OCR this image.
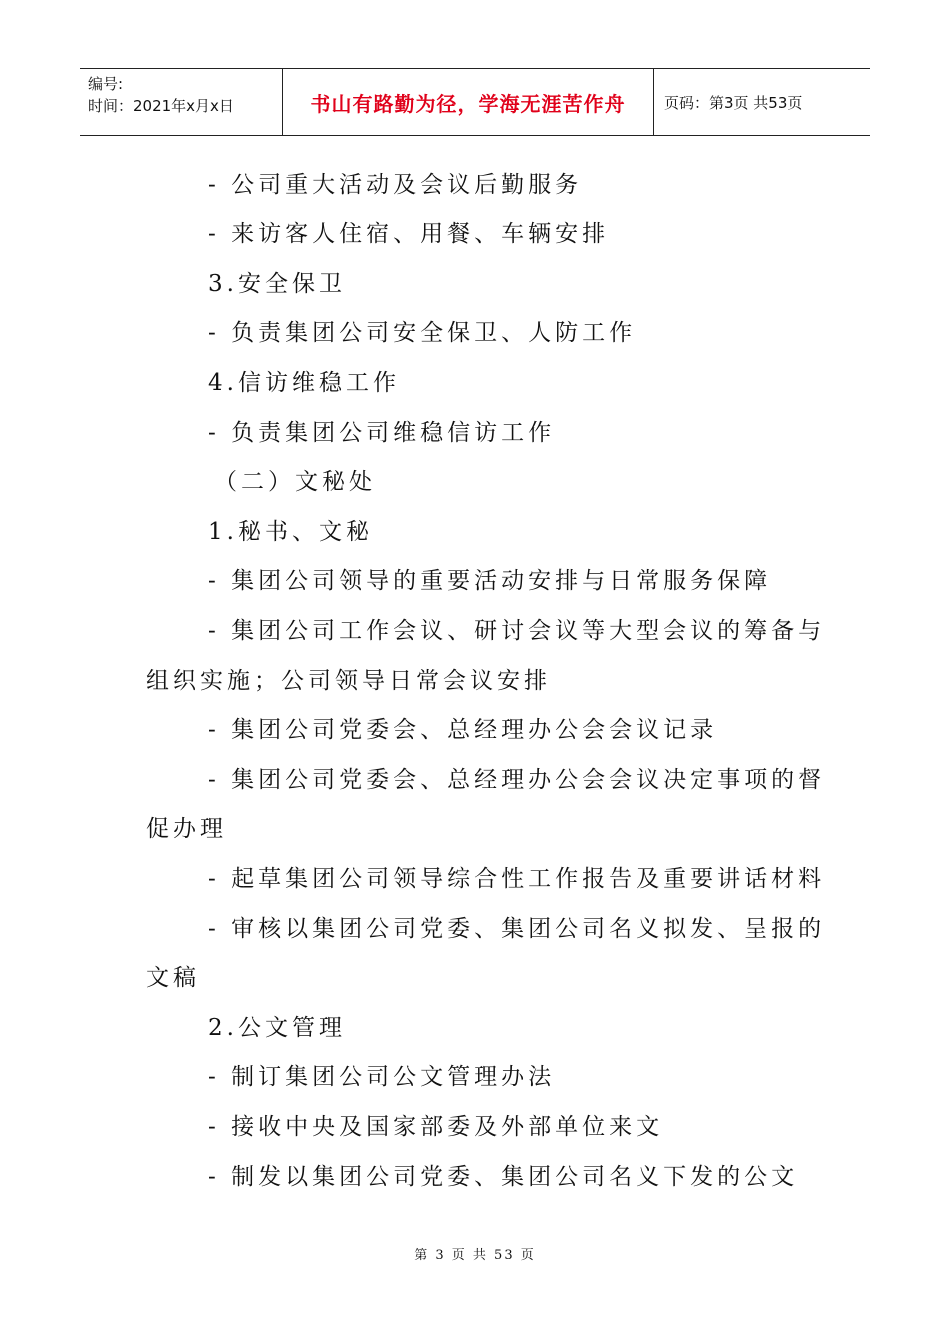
编号:
时间：2021年x月x日	书山有路勤为径，学海无涯苦作舟	页码：第3页 共53页
- 公司重大活动及会议后勤服务
- 来访客人住宿、用餐、车辆安排
3.安全保卫
- 负责集团公司安全保卫、人防工作
4.信访维稳工作
- 负责集团公司维稳信访工作
（二）文秘处
1.秘书、文秘
- 集团公司领导的重要活动安排与日常服务保障
- 集团公司工作会议、研讨会议等大型会议的筹备与
组织实施；公司领导日常会议安排
- 集团公司党委会、总经理办公会会议记录
- 集团公司党委会、总经理办公会会议决定事项的督
促办理
- 起草集团公司领导综合性工作报告及重要讲话材料
- 审核以集团公司党委、集团公司名义拟发、呈报的
文稿
2.公文管理
- 制订集团公司公文管理办法
- 接收中央及国家部委及外部单位来文
- 制发以集团公司党委、集团公司名义下发的公文
第 3 页 共 53 页
